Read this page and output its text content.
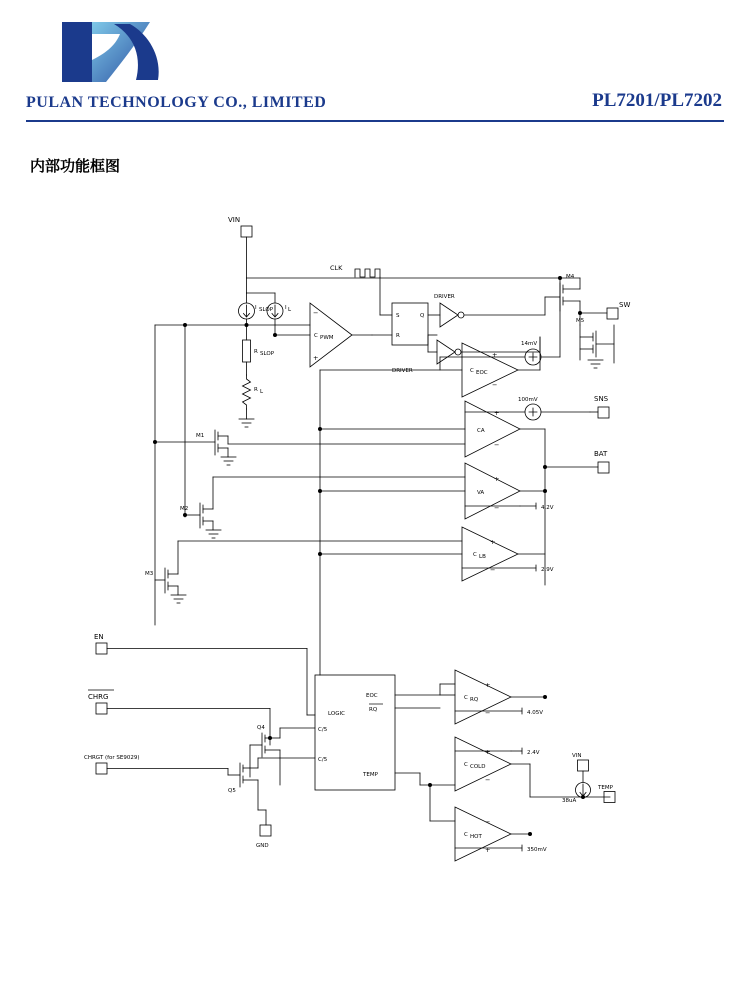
PULAN TECHNOLOGY CO., LIMITED	PL7201/PL7202
内部功能框图
VIN
SW
SNS
BAT
EN
CHRG
CHRGT (for SE9029)
GND
TEMP
VIN
I SLOP I L
R SLOP
R L
C PWM
−
+
C EOC
+
−
CA
+
−
VA
+
−
C LB
+
−
C RQ
+
−
C COLD
+
−
C HOT
−
+
CLK
DRIVER
DRIVER
S
R
Q
M1
M2
M3
M4
M5
Q4
Q5
14mV
100mV
4.2V
2.9V
4.05V
2.4V
350mV
38uA
LOGIC
EOC
RQ
TEMP
C/5
C/5
